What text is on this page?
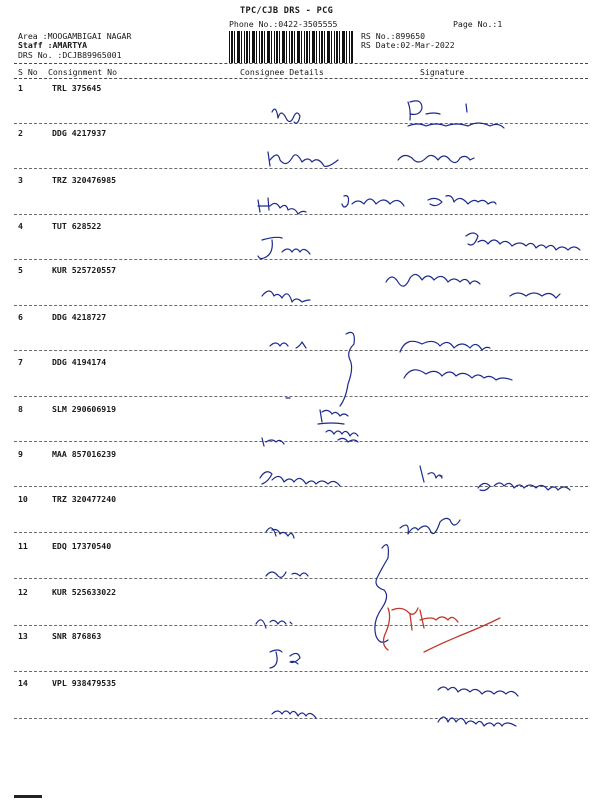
TPC/CJB DRS - PCG
Phone No.:0422-3505555	Page No.:1
Area :MOOGAMBIGAI NAGAR
Staff :AMARTYA
DRS No. :DCJB89965001
RS No.:899650
RS Date:02-Mar-2022
S No Consignment No	Consignee Details	Signature
1	TRL 375645
2	DDG 4217937
3	TRZ 320476985
4	TUT 628522
5	KUR 525720557
6	DDG 4218727
7	DDG 4194174
8	SLM 290606919
9	MAA 857016239
10	TRZ 320477240
11	EDQ 17370540
12	KUR 525633022
13	SNR 876863
14	VPL 938479535
